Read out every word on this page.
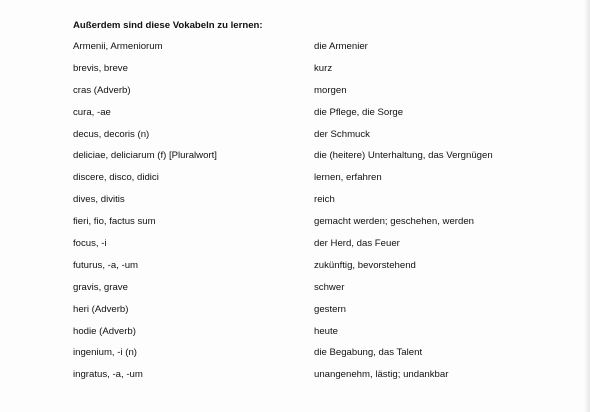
Außerdem sind diese Vokabeln zu lernen:
Armenii, Armeniorum	die Armenier
brevis, breve	kurz
cras (Adverb)	morgen
cura, -ae	die Pflege, die Sorge
decus, decoris (n)	der Schmuck
deliciae, deliciarum (f) [Pluralwort]	die (heitere) Unterhaltung, das Vergnügen
discere, disco, didici	lernen, erfahren
dives, divitis	reich
fieri, fio, factus sum	gemacht werden; geschehen, werden
focus, -i	der Herd, das Feuer
futurus, -a, -um	zukünftig, bevorstehend
gravis, grave	schwer
heri (Adverb)	gestern
hodie (Adverb)	heute
ingenium, -i (n)	die Begabung, das Talent
ingratus, -a, -um	unangenehm, lästig; undankbar
